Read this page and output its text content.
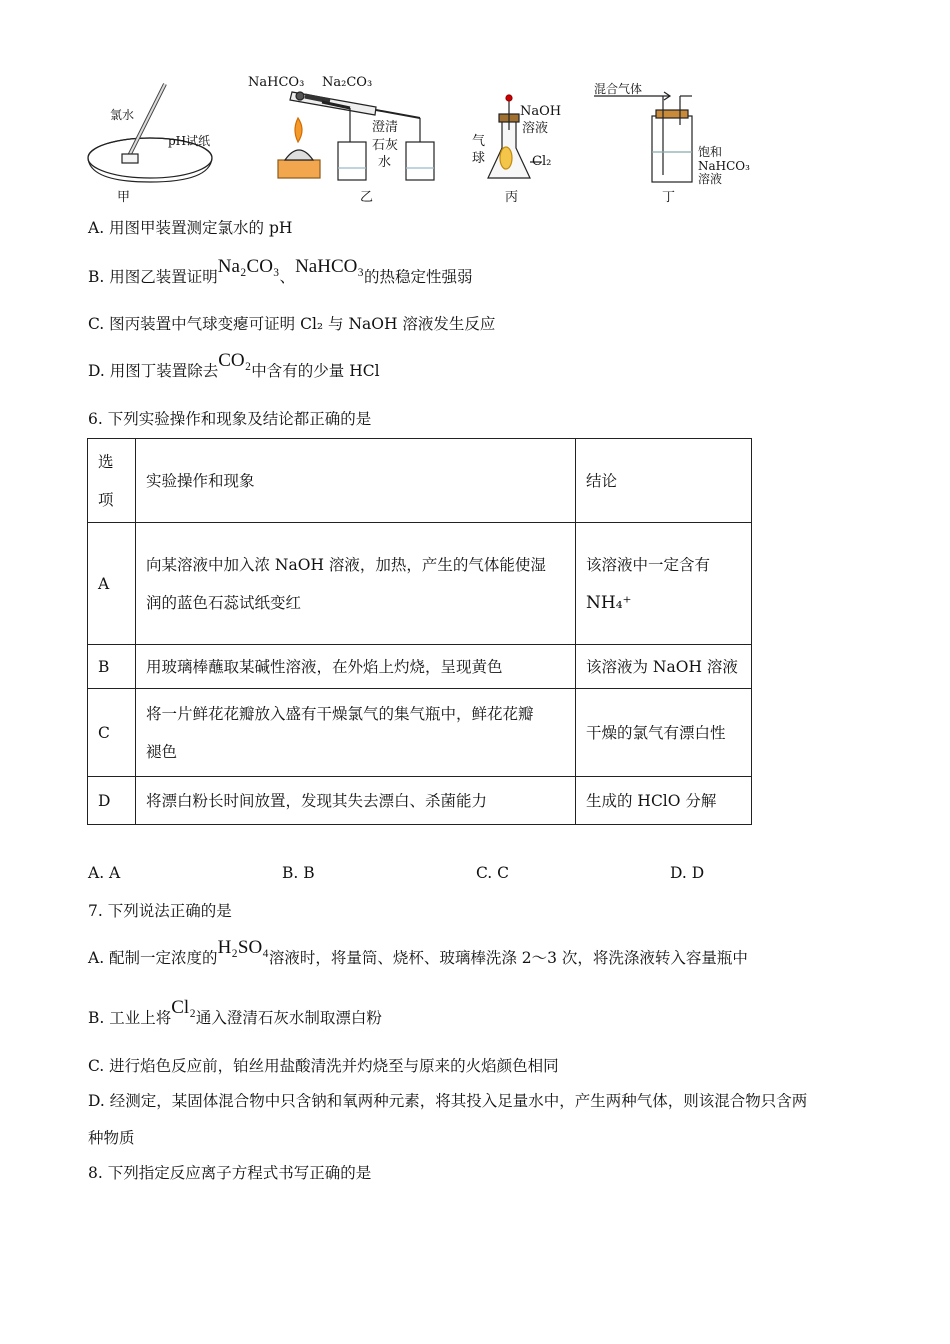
氯水
pH试纸
甲
NaHCO₃ Na₂CO₃
澄清
石灰
水
乙
NaOH
溶液
气
球	Cl₂
丙
混合气体
饱和
NaHCO₃
溶液
丁
A. 用图甲装置测定氯水的 pH
B. 用图乙装置证明Na₂CO₃、NaHCO₃的热稳定性强弱
C. 图丙装置中气球变瘪可证明 Cl₂ 与 NaOH 溶液发生反应
D. 用图丁装置除去CO₂中含有的少量 HCl
6. 下列实验操作和现象及结论都正确的是
选
项	实验操作和现象	结论
A	向某溶液中加入浓 NaOH 溶液，加热，产生的气体能使湿
润的蓝色石蕊试纸变红	该溶液中一定含有
NH₄⁺
B	用玻璃棒蘸取某碱性溶液，在外焰上灼烧，呈现黄色	该溶液为 NaOH 溶液
C	将一片鲜花花瓣放入盛有干燥氯气的集气瓶中，鲜花花瓣
褪色	干燥的氯气有漂白性
D	将漂白粉长时间放置，发现其失去漂白、杀菌能力	生成的 HClO 分解
A. A	B. B	C. C	D. D
7. 下列说法正确的是
A. 配制一定浓度的H₂SO₄溶液时，将量筒、烧杯、玻璃棒洗涤 2～3 次，将洗涤液转入容量瓶中
B. 工业上将Cl₂通入澄清石灰水制取漂白粉
C. 进行焰色反应前，铂丝用盐酸清洗并灼烧至与原来的火焰颜色相同
D. 经测定，某固体混合物中只含钠和氧两种元素，将其投入足量水中，产生两种气体，则该混合物只含两
种物质
8. 下列指定反应离子方程式书写正确的是
